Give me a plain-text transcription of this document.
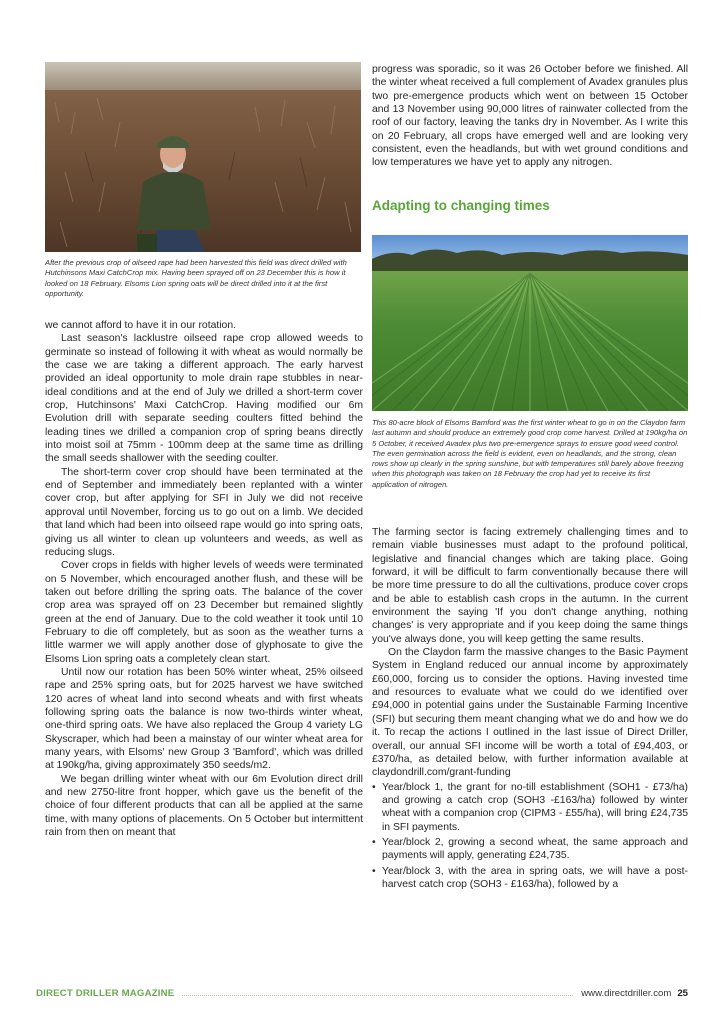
After the previous crop of oilseed rape had been harvested this field was direct drilled with Hutchinsons Maxi CatchCrop mix. Having been sprayed off on 23 December this is how it looked on 18 February. Elsoms Lion spring oats will be direct drilled into it at the first opportunity.

we cannot afford to have it in our rotation.

Last season's lacklustre oilseed rape crop allowed weeds to germinate so instead of following it with wheat as would normally be the case we are taking a different approach. The early harvest provided an ideal opportunity to mole drain rape stubbles in near-ideal conditions and at the end of July we drilled a short-term cover crop, Hutchinsons' Maxi CatchCrop. Having modified our 6m Evolution drill with separate seeding coulters fitted behind the leading tines we drilled a companion crop of spring beans directly into moist soil at 75mm - 100mm deep at the same time as drilling the small seeds shallower with the seeding coulter.

The short-term cover crop should have been terminated at the end of September and immediately been replanted with a winter cover crop, but after applying for SFI in July we did not receive approval until November, forcing us to go out on a limb. We decided that land which had been into oilseed rape would go into spring oats, giving us all winter to clean up volunteers and weeds, as well as reducing slugs.

Cover crops in fields with higher levels of weeds were terminated on 5 November, which encouraged another flush, and these will be taken out before drilling the spring oats. The balance of the cover crop area was sprayed off on 23 December but remained slightly green at the end of January. Due to the cold weather it took until 10 February to die off completely, but as soon as the weather turns a little warmer we will apply another dose of glyphosate to give the Elsoms Lion spring oats a completely clean start.

Until now our rotation has been 50% winter wheat, 25% oilseed rape and 25% spring oats, but for 2025 harvest we have switched 120 acres of wheat land into second wheats and with first wheats following spring oats the balance is now two-thirds winter wheat, one-third spring oats. We have also replaced the Group 4 variety LG Skyscraper, which had been a mainstay of our winter wheat area for many years, with Elsoms' new Group 3 'Bamford', which was drilled at 190kg/ha, giving approximately 350 seeds/m2.

We began drilling winter wheat with our 6m Evolution direct drill and new 2750-litre front hopper, which gave us the benefit of the choice of four different products that can all be applied at the same time, with many options of placements. On 5 October but intermittent rain from then on meant that

progress was sporadic, so it was 26 October before we finished. All the winter wheat received a full complement of Avadex granules plus two pre-emergence products which went on between 15 October and 13 November using 90,000 litres of rainwater collected from the roof of our factory, leaving the tanks dry in November. As I write this on 20 February, all crops have emerged well and are looking very consistent, even the headlands, but with wet ground conditions and low temperatures we have yet to apply any nitrogen.

Adapting to changing times
This 80-acre block of Elsoms Bamford was the first winter wheat to go in on the Claydon farm last autumn and should produce an extremely good crop come harvest. Drilled at 190kg/ha on 5 October, it received Avadex plus two pre-emergence sprays to ensure good weed control. The even germination across the field is evident, even on headlands, and the strong, clean rows show up clearly in the spring sunshine, but with temperatures still barely above freezing when this photograph was taken on 18 February the crop had yet to receive its first application of nitrogen.

The farming sector is facing extremely challenging times and to remain viable businesses must adapt to the profound political, legislative and financial changes which are taking place. Going forward, it will be difficult to farm conventionally because there will be more time pressure to do all the cultivations, produce cover crops and be able to establish cash crops in the autumn. In the current environment the saying 'If you don't change anything, nothing changes' is very appropriate and if you keep doing the same things you've always done, you will keep getting the same results.

On the Claydon farm the massive changes to the Basic Payment System in England reduced our annual income by approximately £60,000, forcing us to consider the options. Having invested time and resources to evaluate what we could do we identified over £94,000 in potential gains under the Sustainable Farming Incentive (SFI) but securing them meant changing what we do and how we do it. To recap the actions I outlined in the last issue of Direct Driller, overall, our annual SFI income will be worth a total of £94,403, or £370/ha, as detailed below, with further information available at claydondrill.com/grant-funding

• Year/block 1, the grant for no-till establishment (SOH1 - £73/ha) and growing a catch crop (SOH3 -£163/ha) followed by winter wheat with a companion crop (CIPM3 - £55/ha), will bring £24,735 in SFI payments.
• Year/block 2, growing a second wheat, the same approach and payments will apply, generating £24,735.
• Year/block 3, with the area in spring oats, we will have a post-harvest catch crop (SOH3 - £163/ha), followed by a
DIRECT DRILLER MAGAZINE	www.directdriller.com 25
